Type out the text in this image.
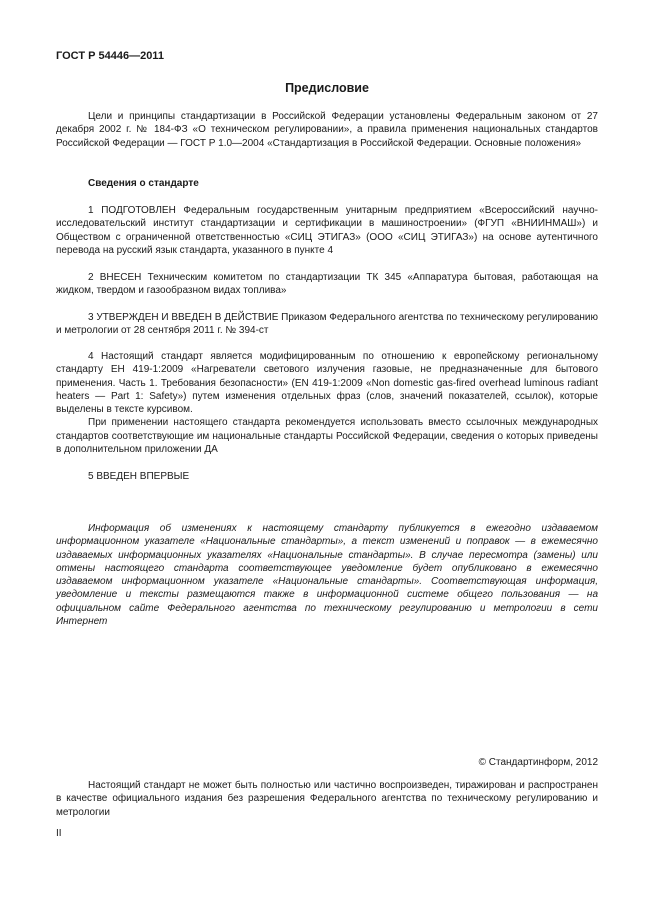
ГОСТ Р 54446—2011
Предисловие

Цели и принципы стандартизации в Российской Федерации установлены Федеральным законом от 27 декабря 2002 г. № 184-ФЗ «О техническом регулировании», а правила применения национальных стандартов Российской Федерации — ГОСТ Р 1.0—2004 «Стандартизация в Российской Федерации. Основные положения»

Сведения о стандарте

1 ПОДГОТОВЛЕН Федеральным государственным унитарным предприятием «Всероссийский научно-исследовательский институт стандартизации и сертификации в машиностроении» (ФГУП «ВНИИНМАШ») и Обществом с ограниченной ответственностью «СИЦ ЭТИГАЗ» (ООО «СИЦ ЭТИГАЗ») на основе аутентичного перевода на русский язык стандарта, указанного в пункте 4

2 ВНЕСЕН Техническим комитетом по стандартизации ТК 345 «Аппаратура бытовая, работающая на жидком, твердом и газообразном видах топлива»

3 УТВЕРЖДЕН И ВВЕДЕН В ДЕЙСТВИЕ Приказом Федерального агентства по техническому регулированию и метрологии от 28 сентября 2011 г. № 394-ст

4 Настоящий стандарт является модифицированным по отношению к европейскому региональному стандарту ЕН 419-1:2009 «Нагреватели светового излучения газовые, не предназначенные для бытового применения. Часть 1. Требования безопасности» (EN 419-1:2009 «Non domestic gas-fired overhead luminous radiant heaters — Part 1: Safety») путем изменения отдельных фраз (слов, значений показателей, ссылок), которые выделены в тексте курсивом.

При применении настоящего стандарта рекомендуется использовать вместо ссылочных международных стандартов соответствующие им национальные стандарты Российской Федерации, сведения о которых приведены в дополнительном приложении ДА

5 ВВЕДЕН ВПЕРВЫЕ

Информация об изменениях к настоящему стандарту публикуется в ежегодно издаваемом информационном указателе «Национальные стандарты», а текст изменений и поправок — в ежемесячно издаваемых информационных указателях «Национальные стандарты». В случае пересмотра (замены) или отмены настоящего стандарта соответствующее уведомление будет опубликовано в ежемесячно издаваемом информационном указателе «Национальные стандарты». Соответствующая информация, уведомление и тексты размещаются также в информационной системе общего пользования — на официальном сайте Федерального агентства по техническому регулированию и метрологии в сети Интернет

© Стандартинформ, 2012

Настоящий стандарт не может быть полностью или частично воспроизведен, тиражирован и распространен в качестве официального издания без разрешения Федерального агентства по техническому регулированию и метрологии

II
